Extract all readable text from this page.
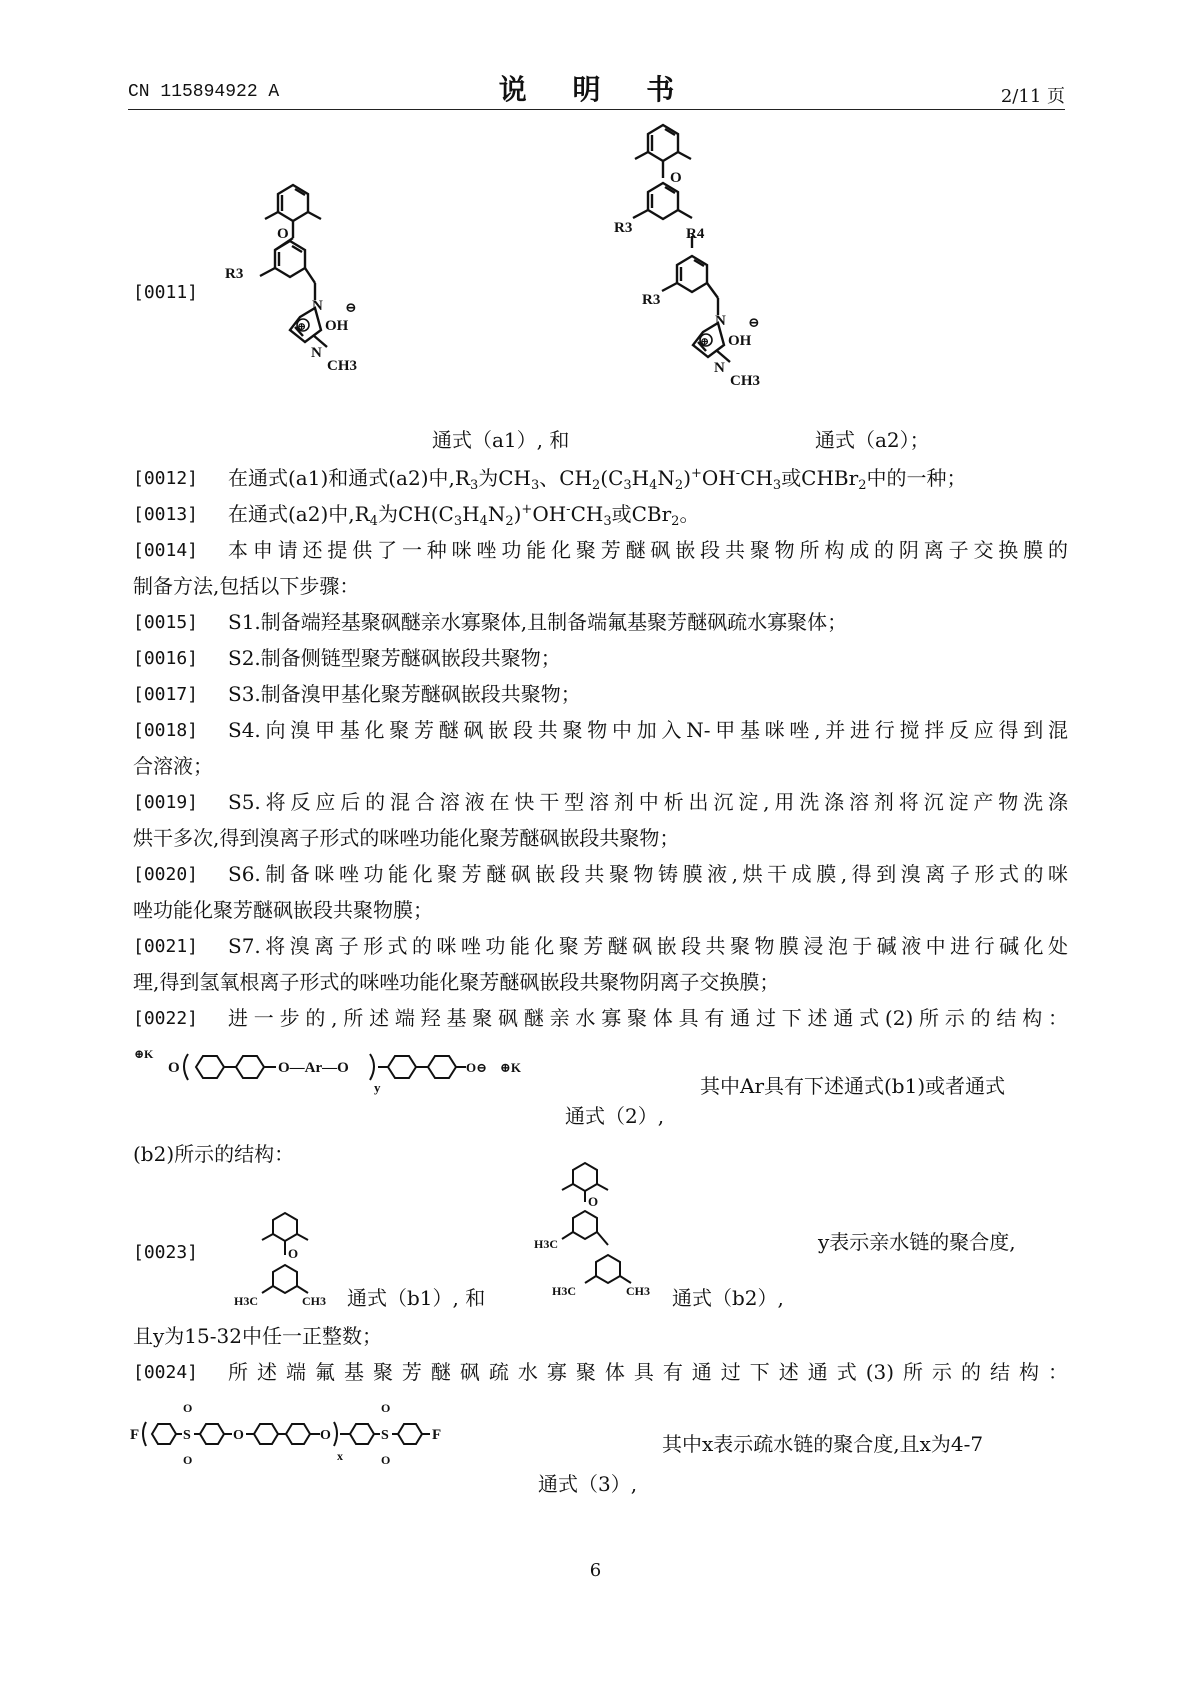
CN 115894922 A	说 明 书	2/11 页
[0011]
O
R3
N
OH
⊖
⊕
N
CH3
O
R3	R4
R3
N
OH
⊖
⊕
N
CH3
通式（a1）, 和	通式（a2）；
[0012] 在通式(a1)和通式(a2)中$,R_3$为$CH_3$、$CH_2(C_3H_4N_2)^+OH^-CH_3$或CHBr$_2$中的一种；
[0013] 在通式(a2)中$,R_4$为$CH(C_3H_4N_2)^+OH^-CH_3$或CBr$_2$。
[0014] 本申请还提供了一种咪唑功能化聚芳醚砜嵌段共聚物所构成的阴离子交换膜的
制备方法,包括以下步骤：
[0015] S1.制备端羟基聚砜醚亲水寡聚体,且制备端氟基聚芳醚砜疏水寡聚体；
[0016] S2.制备侧链型聚芳醚砜嵌段共聚物；
[0017] S3.制备溴甲基化聚芳醚砜嵌段共聚物；
[0018] S4.向溴甲基化聚芳醚砜嵌段共聚物中加入N-甲基咪唑,并进行搅拌反应得到混
合溶液；
[0019] S5.将反应后的混合溶液在快干型溶剂中析出沉淀,用洗涤溶剂将沉淀产物洗涤
烘干多次,得到溴离子形式的咪唑功能化聚芳醚砜嵌段共聚物；
[0020] S6.制备咪唑功能化聚芳醚砜嵌段共聚物铸膜液,烘干成膜,得到溴离子形式的咪
唑功能化聚芳醚砜嵌段共聚物膜；
[0021] S7.将溴离子形式的咪唑功能化聚芳醚砜嵌段共聚物膜浸泡于碱液中进行碱化处
理,得到氢氧根离子形式的咪唑功能化聚芳醚砜嵌段共聚物阴离子交换膜；
[0022] 进一步的,所述端羟基聚砜醚亲水寡聚体具有通过下述通式(2)所示的结构：
⊕K
O	O—Ar—O
y
O⊖ ⊕K
通式（2）,
其中Ar具有下述通式(b1)或者通式
(b2)所示的结构：
[0023]	O
H3C	CH3
O
H3C
H3C	CH3
通式（b1）, 和	通式（b2）,
y表示亲水链的聚合度,
且y为15-32中任一正整数；
[0024] 所述端氟基聚芳醚砜疏水寡聚体具有通过下述通式(3)所示的结构：
F
O
S
O
O	O
x
O
S
O
F	其中x表示疏水链的聚合度,且x为4-7
通式（3）,
6
